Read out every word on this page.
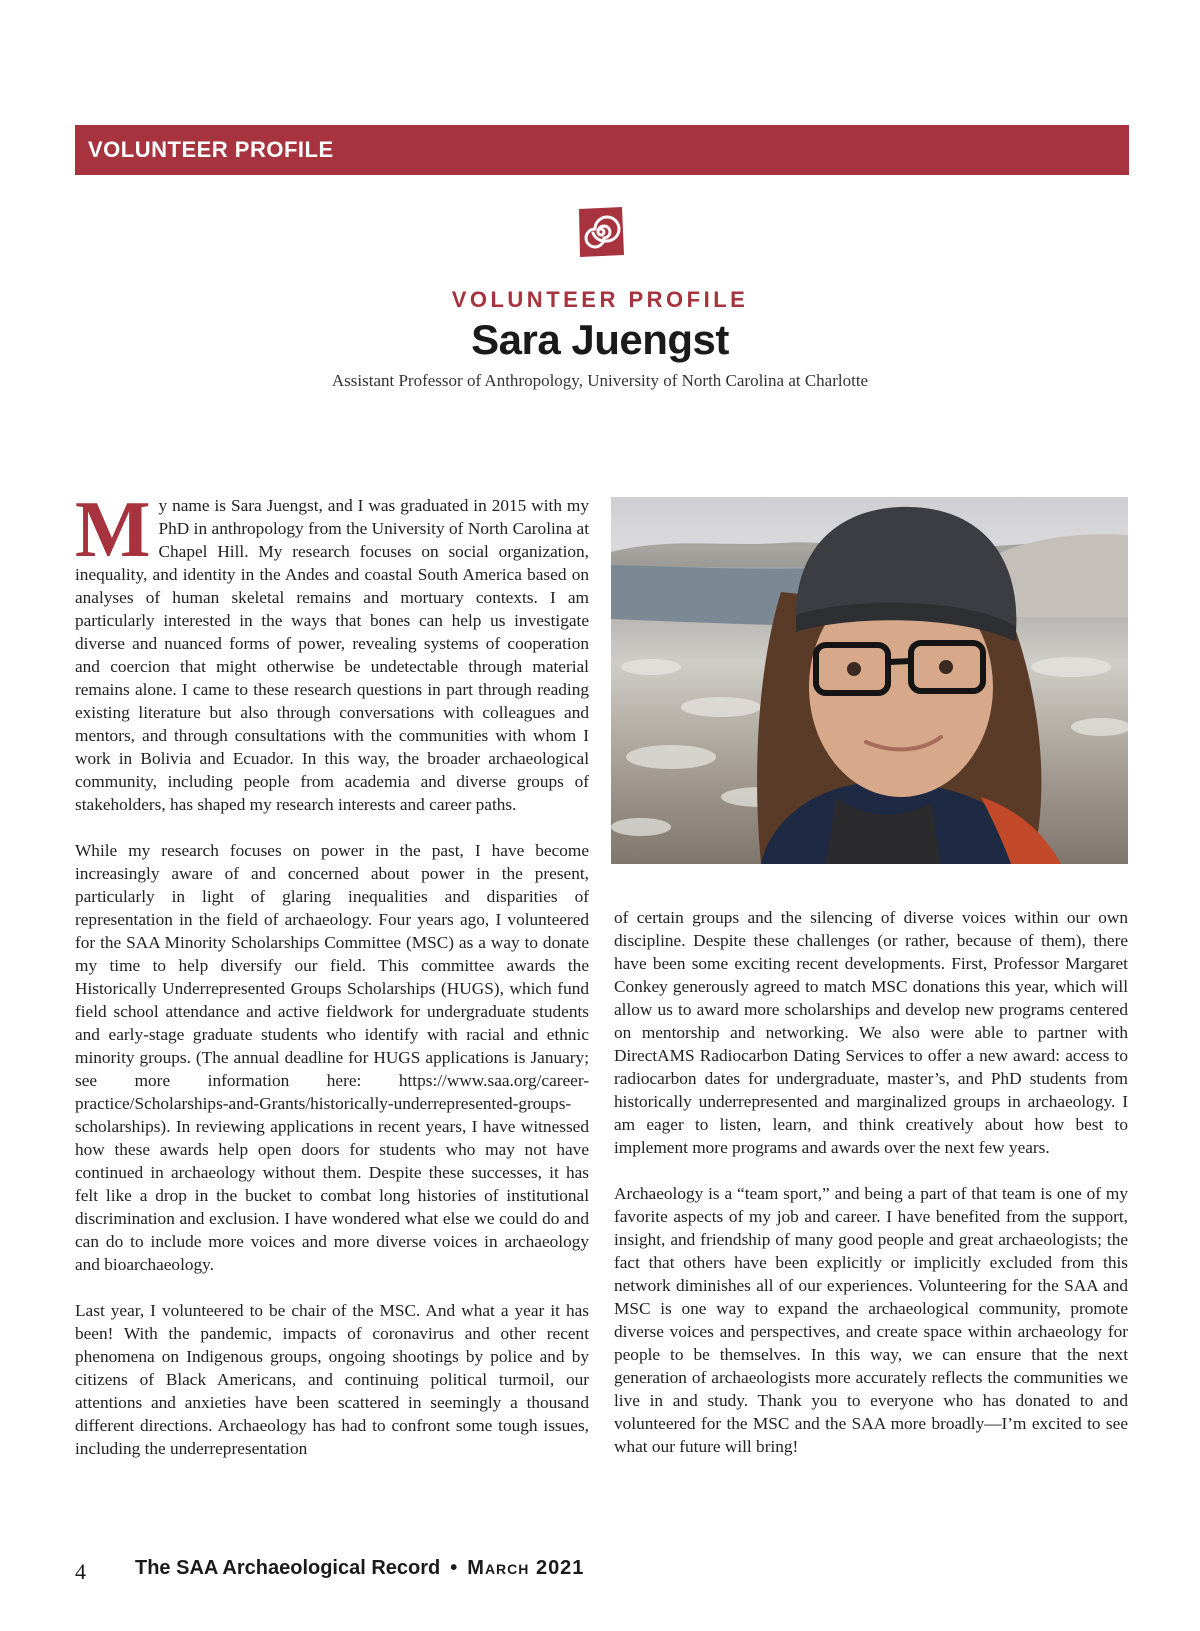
VOLUNTEER PROFILE
VOLUNTEER PROFILE
Sara Juengst
Assistant Professor of Anthropology, University of North Carolina at Charlotte

My name is Sara Juengst, and I was graduated in 2015 with my PhD in anthropology from the University of North Carolina at Chapel Hill. My research focuses on social organization, inequality, and identity in the Andes and coastal South America based on analyses of human skeletal remains and mortuary contexts. I am particularly interested in the ways that bones can help us investigate diverse and nuanced forms of power, revealing systems of cooperation and coercion that might otherwise be undetectable through material remains alone. I came to these research questions in part through reading existing literature but also through conversations with colleagues and mentors, and through consultations with the communities with whom I work in Bolivia and Ecuador. In this way, the broader archaeological community, including people from academia and diverse groups of stakeholders, has shaped my research interests and career paths.

While my research focuses on power in the past, I have become increasingly aware of and concerned about power in the present, particularly in light of glaring inequalities and disparities of representation in the field of archaeology. Four years ago, I volunteered for the SAA Minority Scholarships Committee (MSC) as a way to donate my time to help diversify our field. This committee awards the Historically Underrepresented Groups Scholarships (HUGS), which fund field school attendance and active fieldwork for undergraduate students and early-stage graduate students who identify with racial and ethnic minority groups. (The annual deadline for HUGS applications is January; see more information here: https://www.saa.org/career-practice/Scholarships-and-Grants/historically-underrepresented-groups-scholarships). In reviewing applications in recent years, I have witnessed how these awards help open doors for students who may not have continued in archaeology without them. Despite these successes, it has felt like a drop in the bucket to combat long histories of institutional discrimination and exclusion. I have wondered what else we could do and can do to include more voices and more diverse voices in archaeology and bioarchaeology.

Last year, I volunteered to be chair of the MSC. And what a year it has been! With the pandemic, impacts of coronavirus and other recent phenomena on Indigenous groups, ongoing shootings by police and by citizens of Black Americans, and continuing political turmoil, our attentions and anxieties have been scattered in seemingly a thousand different directions. Archaeology has had to confront some tough issues, including the underrepresentation

of certain groups and the silencing of diverse voices within our own discipline. Despite these challenges (or rather, because of them), there have been some exciting recent developments. First, Professor Margaret Conkey generously agreed to match MSC donations this year, which will allow us to award more scholarships and develop new programs centered on mentorship and networking. We also were able to partner with DirectAMS Radiocarbon Dating Services to offer a new award: access to radiocarbon dates for undergraduate, master’s, and PhD students from historically underrepresented and marginalized groups in archaeology. I am eager to listen, learn, and think creatively about how best to implement more programs and awards over the next few years.

Archaeology is a “team sport,” and being a part of that team is one of my favorite aspects of my job and career. I have benefited from the support, insight, and friendship of many good people and great archaeologists; the fact that others have been explicitly or implicitly excluded from this network diminishes all of our experiences. Volunteering for the SAA and MSC is one way to expand the archaeological community, promote diverse voices and perspectives, and create space within archaeology for people to be themselves. In this way, we can ensure that the next generation of archaeologists more accurately reflects the communities we live in and study. Thank you to everyone who has donated to and volunteered for the MSC and the SAA more broadly—I’m excited to see what our future will bring!

4 The SAA Archaeological Record • March 2021
